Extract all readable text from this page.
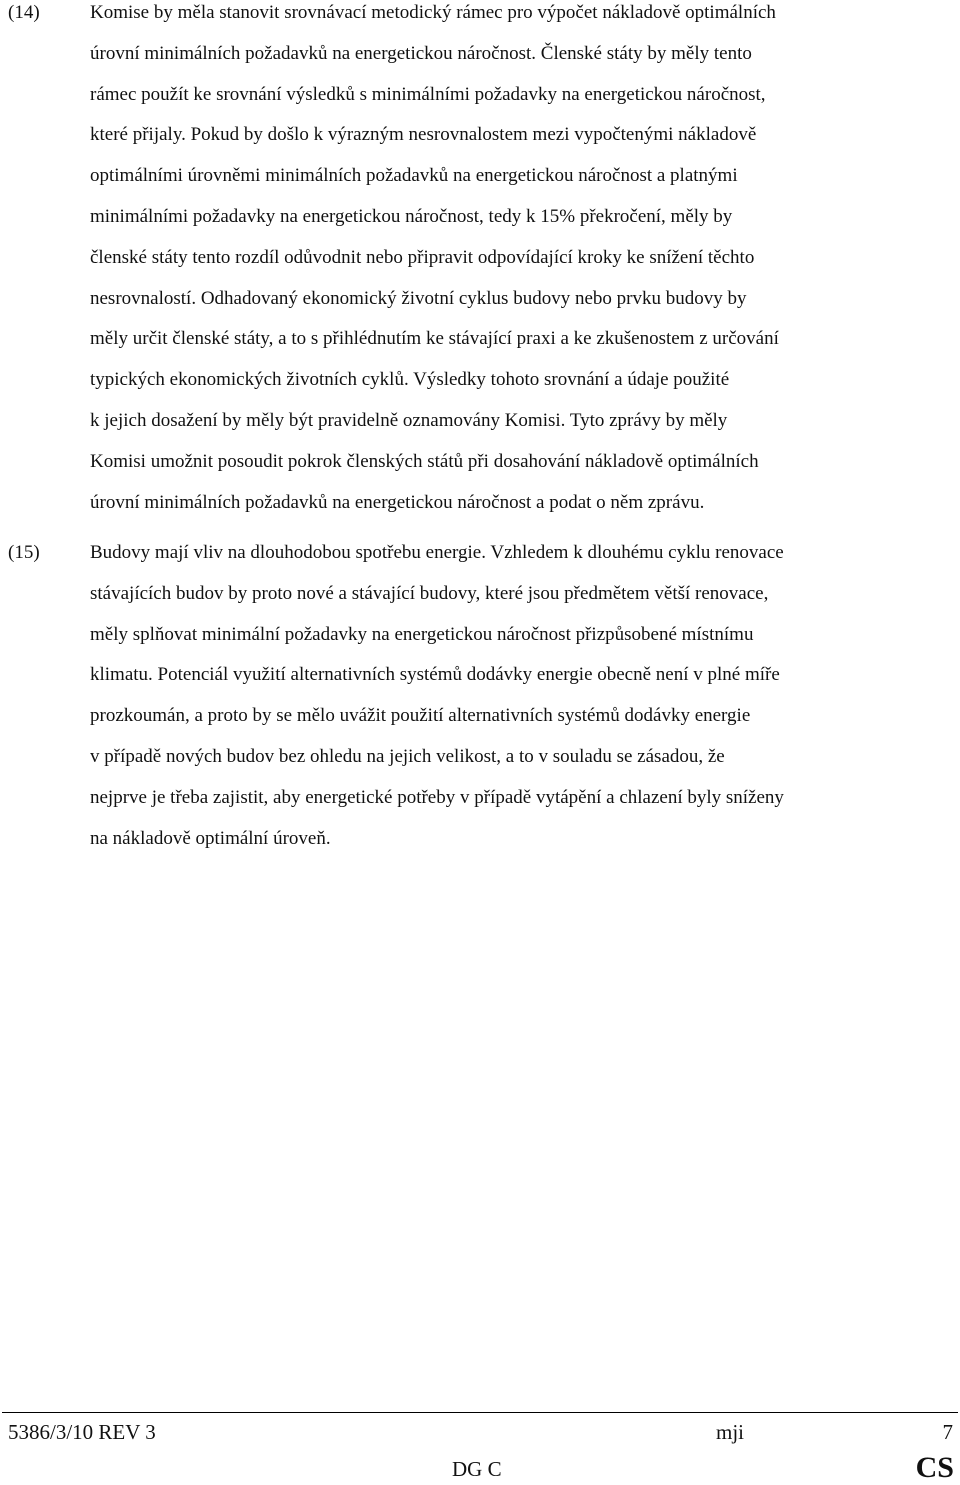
(14)	Komise by měla stanovit srovnávací metodický rámec pro výpočet nákladově optimálních
úrovní minimálních požadavků na energetickou náročnost. Členské státy by měly tento
rámec použít ke srovnání výsledků s minimálními požadavky na energetickou náročnost,
které přijaly. Pokud by došlo k výrazným nesrovnalostem mezi vypočtenými nákladově
optimálními úrovněmi minimálních požadavků na energetickou náročnost a platnými
minimálními požadavky na energetickou náročnost, tedy k 15% překročení, měly by
členské státy tento rozdíl odůvodnit nebo připravit odpovídající kroky ke snížení těchto
nesrovnalostí. Odhadovaný ekonomický životní cyklus budovy nebo prvku budovy by
měly určit členské státy, a to s přihlédnutím ke stávající praxi a ke zkušenostem z určování
typických ekonomických životních cyklů. Výsledky tohoto srovnání a údaje použité
k jejich dosažení by měly být pravidelně oznamovány Komisi. Tyto zprávy by měly
Komisi umožnit posoudit pokrok členských států při dosahování nákladově optimálních
úrovní minimálních požadavků na energetickou náročnost a podat o něm zprávu.

(15)	Budovy mají vliv na dlouhodobou spotřebu energie. Vzhledem k dlouhému cyklu renovace
stávajících budov by proto nové a stávající budovy, které jsou předmětem větší renovace,
měly splňovat minimální požadavky na energetickou náročnost přizpůsobené místnímu
klimatu. Potenciál využití alternativních systémů dodávky energie obecně není v plné míře
prozkoumán, a proto by se mělo uvážit použití alternativních systémů dodávky energie
v případě nových budov bez ohledu na jejich velikost, a to v souladu se zásadou, že
nejprve je třeba zajistit, aby energetické potřeby v případě vytápění a chlazení byly sníženy
na nákladově optimální úroveň.

5386/3/10 REV 3	mji	7
DG C	CS
